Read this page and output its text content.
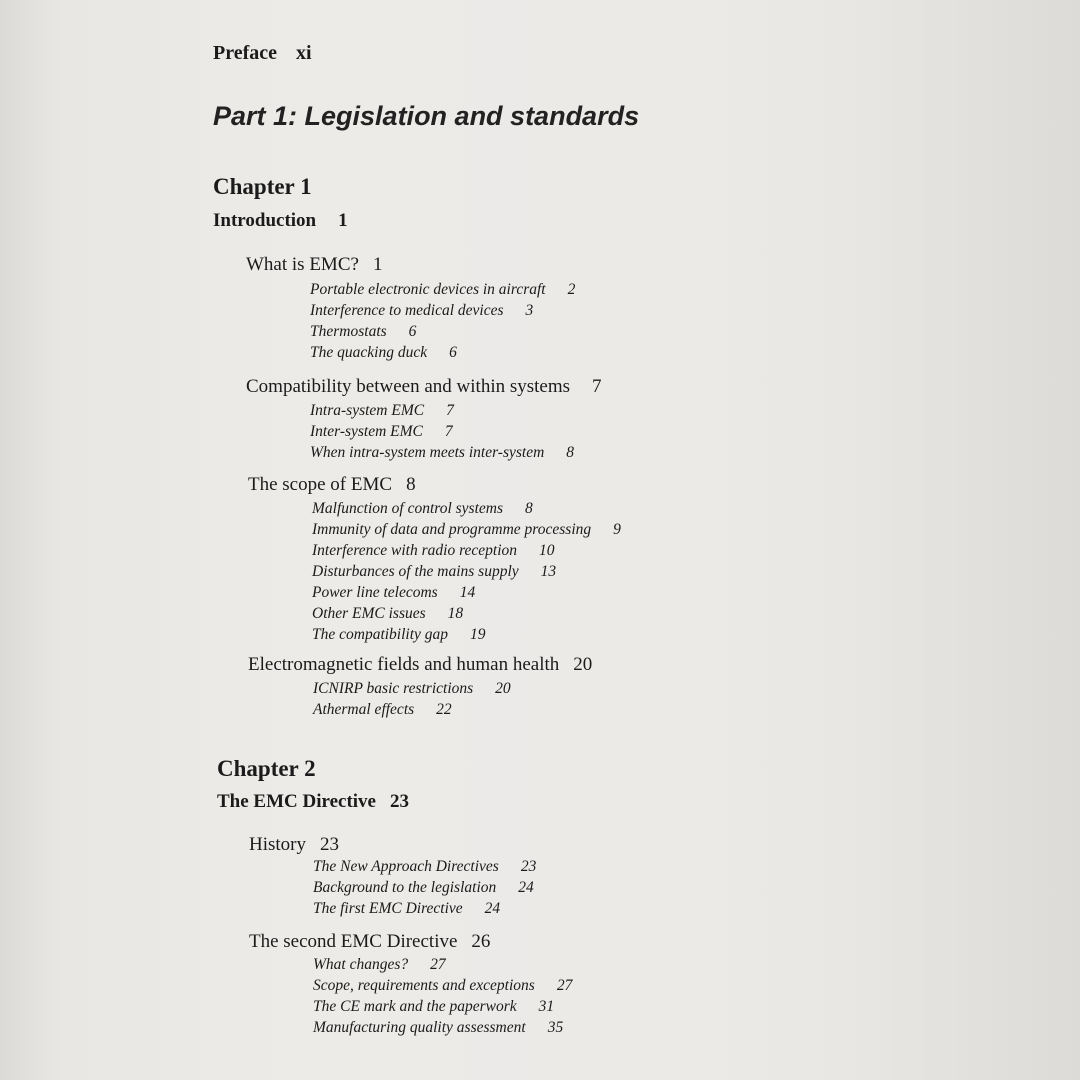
Preface xi
Part 1: Legislation and standards
Chapter 1
Introduction 1
What is EMC? 1
Portable electronic devices in aircraft 2
Interference to medical devices 3
Thermostats 6
The quacking duck 6
Compatibility between and within systems 7
Intra-system EMC 7
Inter-system EMC 7
When intra-system meets inter-system 8
The scope of EMC 8
Malfunction of control systems 8
Immunity of data and programme processing 9
Interference with radio reception 10
Disturbances of the mains supply 13
Power line telecoms 14
Other EMC issues 18
The compatibility gap 19
Electromagnetic fields and human health 20
ICNIRP basic restrictions 20
Athermal effects 22
Chapter 2
The EMC Directive 23
History 23
The New Approach Directives 23
Background to the legislation 24
The first EMC Directive 24
The second EMC Directive 26
What changes? 27
Scope, requirements and exceptions 27
The CE mark and the paperwork 31
Manufacturing quality assessment 35
